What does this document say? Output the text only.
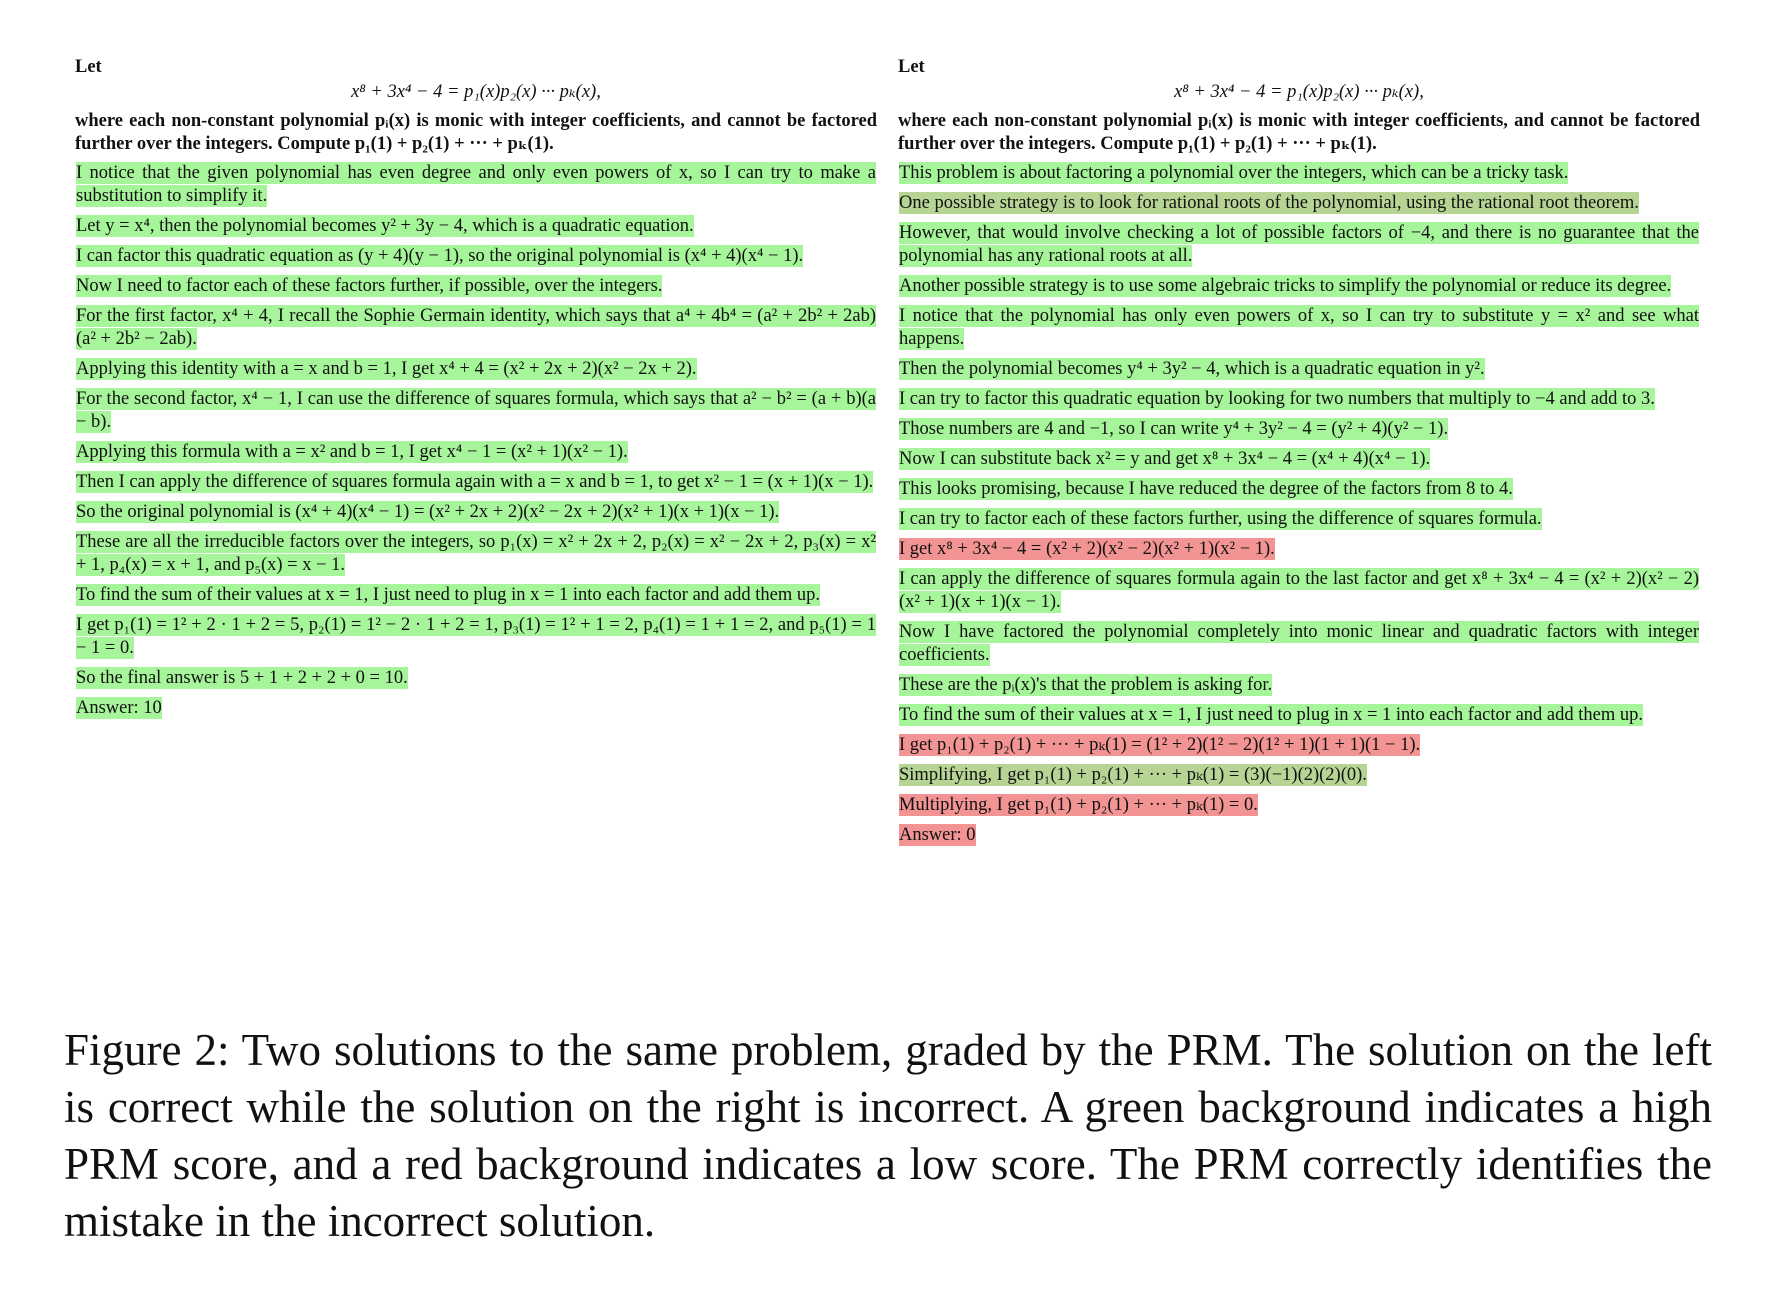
Let
x⁸ + 3x⁴ − 4 = p₁(x)p₂(x) ··· pₖ(x),
where each non-constant polynomial pᵢ(x) is monic with integer coefficients, and cannot be factored further over the integers. Compute p₁(1) + p₂(1) + ··· + pₖ(1).
I notice that the given polynomial has even degree and only even powers of x, so I can try to make a substitution to simplify it.
Let y = x⁴, then the polynomial becomes y² + 3y − 4, which is a quadratic equation.
I can factor this quadratic equation as (y + 4)(y − 1), so the original polynomial is (x⁴ + 4)(x⁴ − 1).
Now I need to factor each of these factors further, if possible, over the integers.
For the first factor, x⁴ + 4, I recall the Sophie Germain identity, which says that a⁴ + 4b⁴ = (a² + 2b² + 2ab)(a² + 2b² − 2ab).
Applying this identity with a = x and b = 1, I get x⁴ + 4 = (x² + 2x + 2)(x² − 2x + 2).
For the second factor, x⁴ − 1, I can use the difference of squares formula, which says that a² − b² = (a + b)(a − b).
Applying this formula with a = x² and b = 1, I get x⁴ − 1 = (x² + 1)(x² − 1).
Then I can apply the difference of squares formula again with a = x and b = 1, to get x² − 1 = (x + 1)(x − 1).
So the original polynomial is (x⁴ + 4)(x⁴ − 1) = (x² + 2x + 2)(x² − 2x + 2)(x² + 1)(x + 1)(x − 1).
These are all the irreducible factors over the integers, so p₁(x) = x² + 2x + 2, p₂(x) = x² − 2x + 2, p₃(x) = x² + 1, p₄(x) = x + 1, and p₅(x) = x − 1.
To find the sum of their values at x = 1, I just need to plug in x = 1 into each factor and add them up.
I get p₁(1) = 1² + 2 · 1 + 2 = 5, p₂(1) = 1² − 2 · 1 + 2 = 1, p₃(1) = 1² + 1 = 2, p₄(1) = 1 + 1 = 2, and p₅(1) = 1 − 1 = 0.
So the final answer is 5 + 1 + 2 + 2 + 0 = 10.
Answer: 10
Let
x⁸ + 3x⁴ − 4 = p₁(x)p₂(x) ··· pₖ(x),
where each non-constant polynomial pᵢ(x) is monic with integer coefficients, and cannot be factored further over the integers. Compute p₁(1) + p₂(1) + ··· + pₖ(1).
This problem is about factoring a polynomial over the integers, which can be a tricky task.
One possible strategy is to look for rational roots of the polynomial, using the rational root theorem.
However, that would involve checking a lot of possible factors of −4, and there is no guarantee that the polynomial has any rational roots at all.
Another possible strategy is to use some algebraic tricks to simplify the polynomial or reduce its degree.
I notice that the polynomial has only even powers of x, so I can try to substitute y = x² and see what happens.
Then the polynomial becomes y⁴ + 3y² − 4, which is a quadratic equation in y².
I can try to factor this quadratic equation by looking for two numbers that multiply to −4 and add to 3.
Those numbers are 4 and −1, so I can write y⁴ + 3y² − 4 = (y² + 4)(y² − 1).
Now I can substitute back x² = y and get x⁸ + 3x⁴ − 4 = (x⁴ + 4)(x⁴ − 1).
This looks promising, because I have reduced the degree of the factors from 8 to 4.
I can try to factor each of these factors further, using the difference of squares formula.
I get x⁸ + 3x⁴ − 4 = (x² + 2)(x² − 2)(x² + 1)(x² − 1).
I can apply the difference of squares formula again to the last factor and get x⁸ + 3x⁴ − 4 = (x² + 2)(x² − 2)(x² + 1)(x + 1)(x − 1).
Now I have factored the polynomial completely into monic linear and quadratic factors with integer coefficients.
These are the pᵢ(x)'s that the problem is asking for.
To find the sum of their values at x = 1, I just need to plug in x = 1 into each factor and add them up.
I get p₁(1) + p₂(1) + ··· + pₖ(1) = (1² + 2)(1² − 2)(1² + 1)(1 + 1)(1 − 1).
Simplifying, I get p₁(1) + p₂(1) + ··· + pₖ(1) = (3)(−1)(2)(2)(0).
Multiplying, I get p₁(1) + p₂(1) + ··· + pₖ(1) = 0.
Answer: 0
Figure 2: Two solutions to the same problem, graded by the PRM. The solution on the left is correct while the solution on the right is incorrect. A green background indicates a high PRM score, and a red background indicates a low score. The PRM correctly identifies the mistake in the incorrect solution.
